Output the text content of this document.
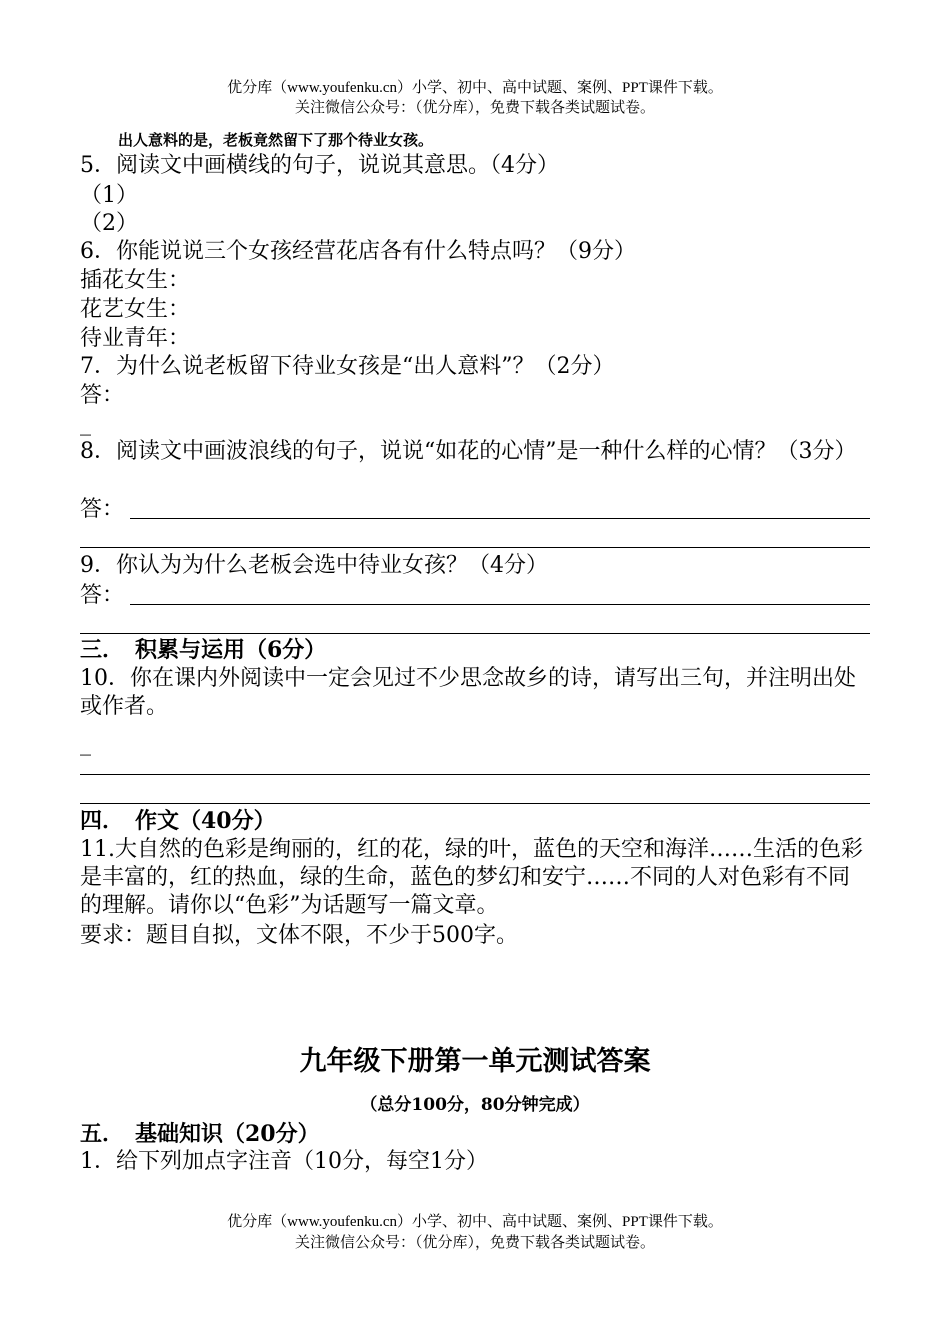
优分库（www.youfenku.cn）小学、初中、高中试题、案例、PPT课件下载。
关注微信公众号：（优分库），免费下载各类试题试卷。
出人意料的是，老板竟然留下了那个待业女孩。
5．阅读文中画横线的句子，说说其意思。（4分）
（1）
（2）
6．你能说说三个女孩经营花店各有什么特点吗？（9分）
插花女生：
花艺女生：
待业青年：
7．为什么说老板留下待业女孩是“出人意料”？（2分）
答：
_
8．阅读文中画波浪线的句子，说说“如花的心情”是一种什么样的心情？（3分）
答：
9．你认为为什么老板会选中待业女孩？（4分）
答：
三．　积累与运用（6分）
10．你在课内外阅读中一定会见过不少思念故乡的诗，请写出三句，并注明出处或作者。
_
四．　作文（40分）
11.大自然的色彩是绚丽的，红的花，绿的叶，蓝色的天空和海洋……生活的色彩是丰富的，红的热血，绿的生命，蓝色的梦幻和安宁……不同的人对色彩有不同的理解。请你以“色彩”为话题写一篇文章。
要求：题目自拟，文体不限，不少于500字。
九年级下册第一单元测试答案
（总分100分，80分钟完成）
五．　基础知识（20分）
1．给下列加点字注音（10分，每空1分）
优分库（www.youfenku.cn）小学、初中、高中试题、案例、PPT课件下载。
关注微信公众号：（优分库），免费下载各类试题试卷。
